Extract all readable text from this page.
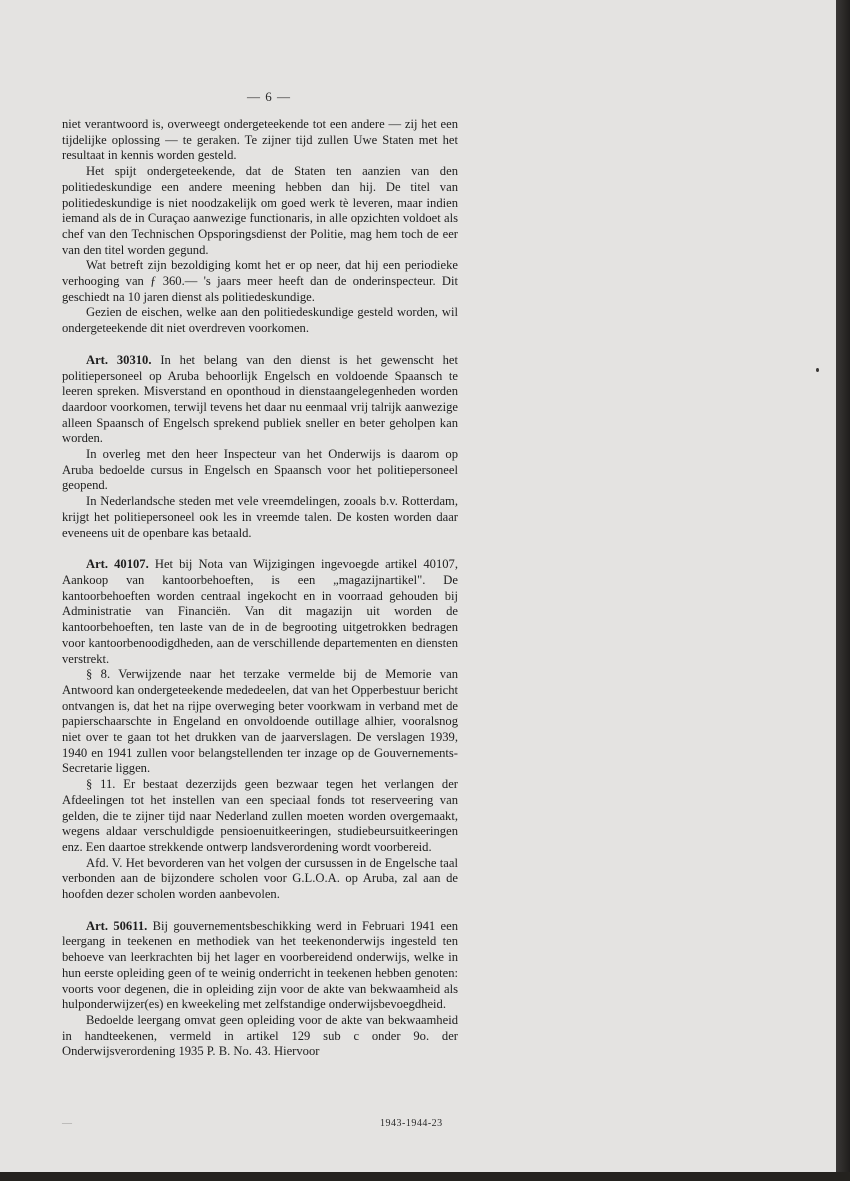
— 6 —

niet verantwoord is, overweegt ondergeteekende tot een andere — zij het een tijdelijke oplossing — te geraken. Te zijner tijd zullen Uwe Staten met het resultaat in kennis worden gesteld.

Het spijt ondergeteekende, dat de Staten ten aanzien van den politiedeskundige een andere meening hebben dan hij. De titel van politiedeskundige is niet noodzakelijk om goed werk tè leveren, maar indien iemand als de in Curaçao aanwezige functionaris, in alle opzichten voldoet als chef van den Technischen Opsporingsdienst der Politie, mag hem toch de eer van den titel worden gegund.

Wat betreft zijn bezoldiging komt het er op neer, dat hij een periodieke verhooging van ƒ 360.— 's jaars meer heeft dan de onderinspecteur. Dit geschiedt na 10 jaren dienst als politiedeskundige.

Gezien de eischen, welke aan den politiedeskundige gesteld worden, wil ondergeteekende dit niet overdreven voorkomen.

Art. 30310. In het belang van den dienst is het gewenscht het politiepersoneel op Aruba behoorlijk Engelsch en voldoende Spaansch te leeren spreken. Misverstand en oponthoud in dienstaangelegenheden worden daardoor voorkomen, terwijl tevens het daar nu eenmaal vrij talrijk aanwezige alleen Spaansch of Engelsch sprekend publiek sneller en beter geholpen kan worden.

In overleg met den heer Inspecteur van het Onderwijs is daarom op Aruba bedoelde cursus in Engelsch en Spaansch voor het politiepersoneel geopend.

In Nederlandsche steden met vele vreemdelingen, zooals b.v. Rotterdam, krijgt het politiepersoneel ook les in vreemde talen. De kosten worden daar eveneens uit de openbare kas betaald.

Art. 40107. Het bij Nota van Wijzigingen ingevoegde artikel 40107, Aankoop van kantoorbehoeften, is een „magazijnartikel". De kantoorbehoeften worden centraal ingekocht en in voorraad gehouden bij Administratie van Financiën. Van dit magazijn uit worden de kantoorbehoeften, ten laste van de in de begrooting uitgetrokken bedragen voor kantoorbenoodigdheden, aan de verschillende departementen en diensten verstrekt.

§ 8. Verwijzende naar het terzake vermelde bij de Memorie van Antwoord kan ondergeteekende mededeelen, dat van het Opperbestuur bericht ontvangen is, dat het na rijpe overweging beter voorkwam in verband met de papierschaarschte in Engeland en onvoldoende outillage alhier, vooralsnog niet over te gaan tot het drukken van de jaarverslagen. De verslagen 1939, 1940 en 1941 zullen voor belangstellenden ter inzage op de Gouvernements-Secretarie liggen.

§ 11. Er bestaat dezerzijds geen bezwaar tegen het verlangen der Afdeelingen tot het instellen van een speciaal fonds tot reserveering van gelden, die te zijner tijd naar Nederland zullen moeten worden overgemaakt, wegens aldaar verschuldigde pensioenuitkeeringen, studiebeursuitkeeringen enz. Een daartoe strekkende ontwerp landsverordening wordt voorbereid.

Afd. V. Het bevorderen van het volgen der cursussen in de Engelsche taal verbonden aan de bijzondere scholen voor G.L.O.A. op Aruba, zal aan de hoofden dezer scholen worden aanbevolen.

Art. 50611. Bij gouvernementsbeschikking werd in Februari 1941 een leergang in teekenen en methodiek van het teekenonderwijs ingesteld ten behoeve van leerkrachten bij het lager en voorbereidend onderwijs, welke in hun eerste opleiding geen of te weinig onderricht in teekenen hebben genoten: voorts voor degenen, die in opleiding zijn voor de akte van bekwaamheid als hulponderwijzer(es) en kweekeling met zelfstandige onderwijsbevoegdheid.

Bedoelde leergang omvat geen opleiding voor de akte van bekwaamheid in handteekenen, vermeld in artikel 129 sub c onder 9o. der Onderwijsverordening 1935 P. B. No. 43. Hiervoor

—	1943-1944-23
